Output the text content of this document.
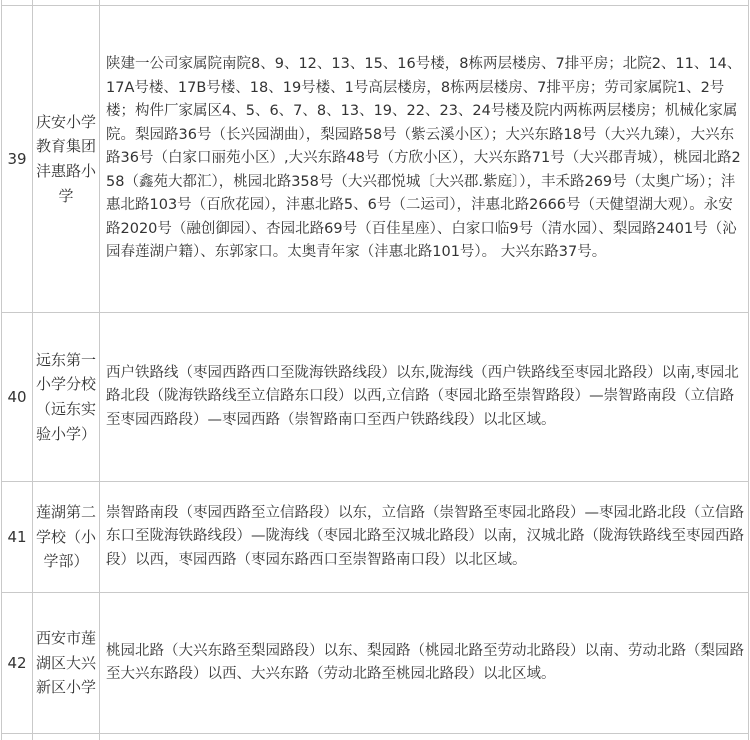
39	庆安小学教育集团沣惠路小学	陕建一公司家属院南院8、9、12、13、15、16号楼，8栋两层楼房、7排平房；北院2、11、14、17A号楼、17B号楼、18、19号楼、1号高层楼房，8栋两层楼房、7排平房；劳司家属院1、2号楼；构件厂家属区4、5、6、7、8、13、19、22、23、24号楼及院内两栋两层楼房；机械化家属院。梨园路36号（长兴园湖曲），梨园路58号（紫云溪小区）；大兴东路18号（大兴九臻），大兴东路36号（白家口丽苑小区）,大兴东路48号（方欣小区），大兴东路71号（大兴郡青城），桃园北路258（鑫苑大都汇），桃园北路358号（大兴郡悦城〔大兴郡.紫庭〕），丰禾路269号（太奥广场）；沣惠北路103号（百欣花园），沣惠北路5、6号（二运司），沣惠北路2666号（天健望湖大观）。永安路2020号（融创御园）、杏园北路69号（百佳星座）、白家口临9号（清水园）、梨园路2401号（沁园春莲湖户籍）、东郭家口。太奥青年家（沣惠北路101号）。 大兴东路37号。
40	远东第一小学分校（远东实验小学）	西户铁路线（枣园西路西口至陇海铁路线段）以东,陇海线（西户铁路线至枣园北路段）以南,枣园北路北段（陇海铁路线至立信路东口段）以西,立信路（枣园北路至崇智路段）—崇智路南段（立信路至枣园西路段）—枣园西路（崇智路南口至西户铁路线段）以北区域。
41	莲湖第二学校（小学部）	崇智路南段（枣园西路至立信路段）以东，立信路（崇智路至枣园北路段）—枣园北路北段（立信路东口至陇海铁路线段）—陇海线（枣园北路至汉城北路段）以南，汉城北路（陇海铁路线至枣园西路段）以西，枣园西路（枣园东路西口至崇智路南口段）以北区域。
42	西安市莲湖区大兴新区小学	桃园北路（大兴东路至梨园路段）以东、梨园路（桃园北路至劳动北路段）以南、劳动北路（梨园路至大兴东路段）以西、大兴东路（劳动北路至桃园北路段）以北区域。
